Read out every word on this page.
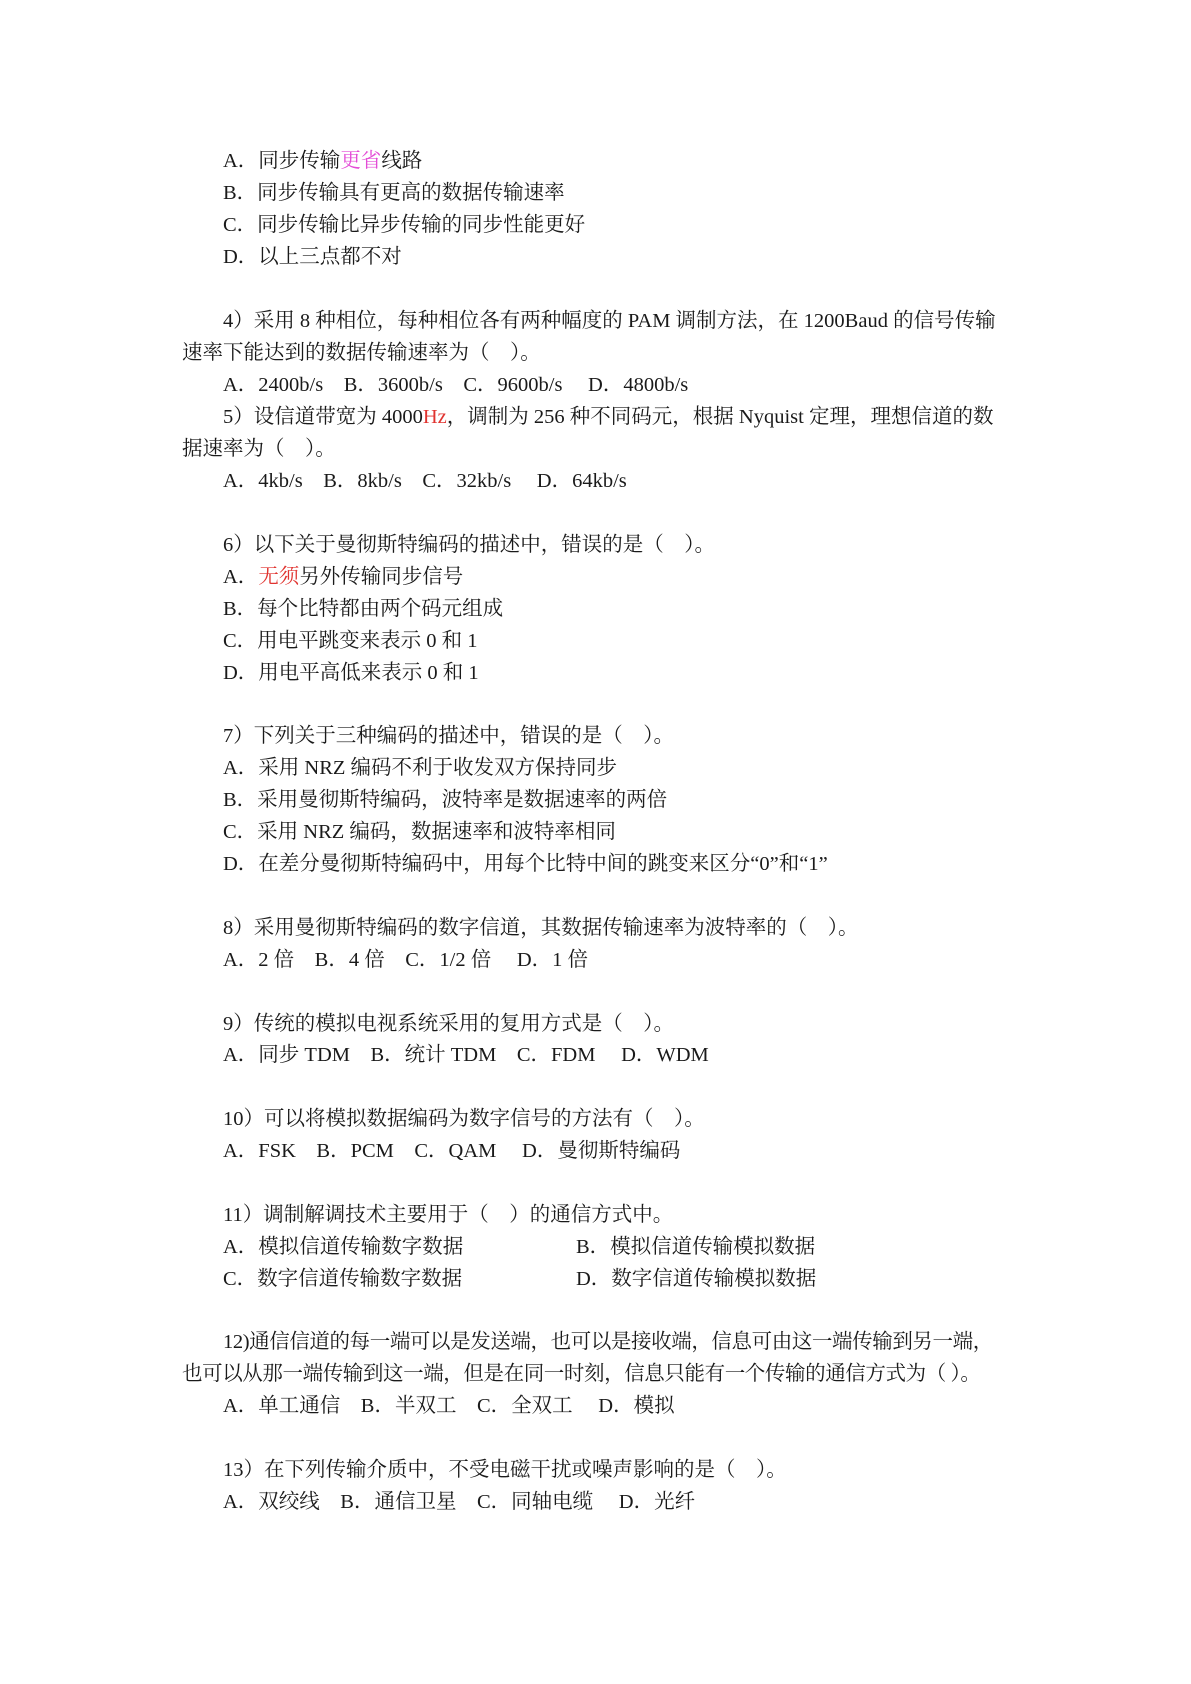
A．同步传输更省线路
B．同步传输具有更高的数据传输速率
C．同步传输比异步传输的同步性能更好
D．以上三点都不对
4）采用 8 种相位，每种相位各有两种幅度的 PAM 调制方法，在 1200Baud 的信号传输
速率下能达到的数据传输速率为（　）。
A．2400b/s　B．3600b/s　C．9600b/s　 D．4800b/s
5）设信道带宽为 4000Hz，调制为 256 种不同码元，根据 Nyquist 定理，理想信道的数
据速率为（　）。
A．4kb/s　B．8kb/s　C．32kb/s　 D．64kb/s
6）以下关于曼彻斯特编码的描述中，错误的是（　）。
A．无须另外传输同步信号
B．每个比特都由两个码元组成
C．用电平跳变来表示 0 和 1
D．用电平高低来表示 0 和 1
7）下列关于三种编码的描述中，错误的是（　）。
A．采用 NRZ 编码不利于收发双方保持同步
B．采用曼彻斯特编码，波特率是数据速率的两倍
C．采用 NRZ 编码，数据速率和波特率相同
D．在差分曼彻斯特编码中，用每个比特中间的跳变来区分“0”和“1”
8）采用曼彻斯特编码的数字信道，其数据传输速率为波特率的（　）。
A．2 倍　B．4 倍　C．1/2 倍　 D．1 倍
9）传统的模拟电视系统采用的复用方式是（　）。
A．同步 TDM　B．统计 TDM　C．FDM　 D．WDM
10）可以将模拟数据编码为数字信号的方法有（　）。
A．FSK　B．PCM　C．QAM　 D．曼彻斯特编码
11）调制解调技术主要用于（　）的通信方式中。
A．模拟信道传输数字数据	B．模拟信道传输模拟数据
C．数字信道传输数字数据	D．数字信道传输模拟数据
12)通信信道的每一端可以是发送端，也可以是接收端，信息可由这一端传输到另一端，
也可以从那一端传输到这一端，但是在同一时刻，信息只能有一个传输的通信方式为（ ）。
A．单工通信　B．半双工　C．全双工　 D．模拟
13）在下列传输介质中，不受电磁干扰或噪声影响的是（　）。
A．双绞线　B．通信卫星　C．同轴电缆　 D．光纤
